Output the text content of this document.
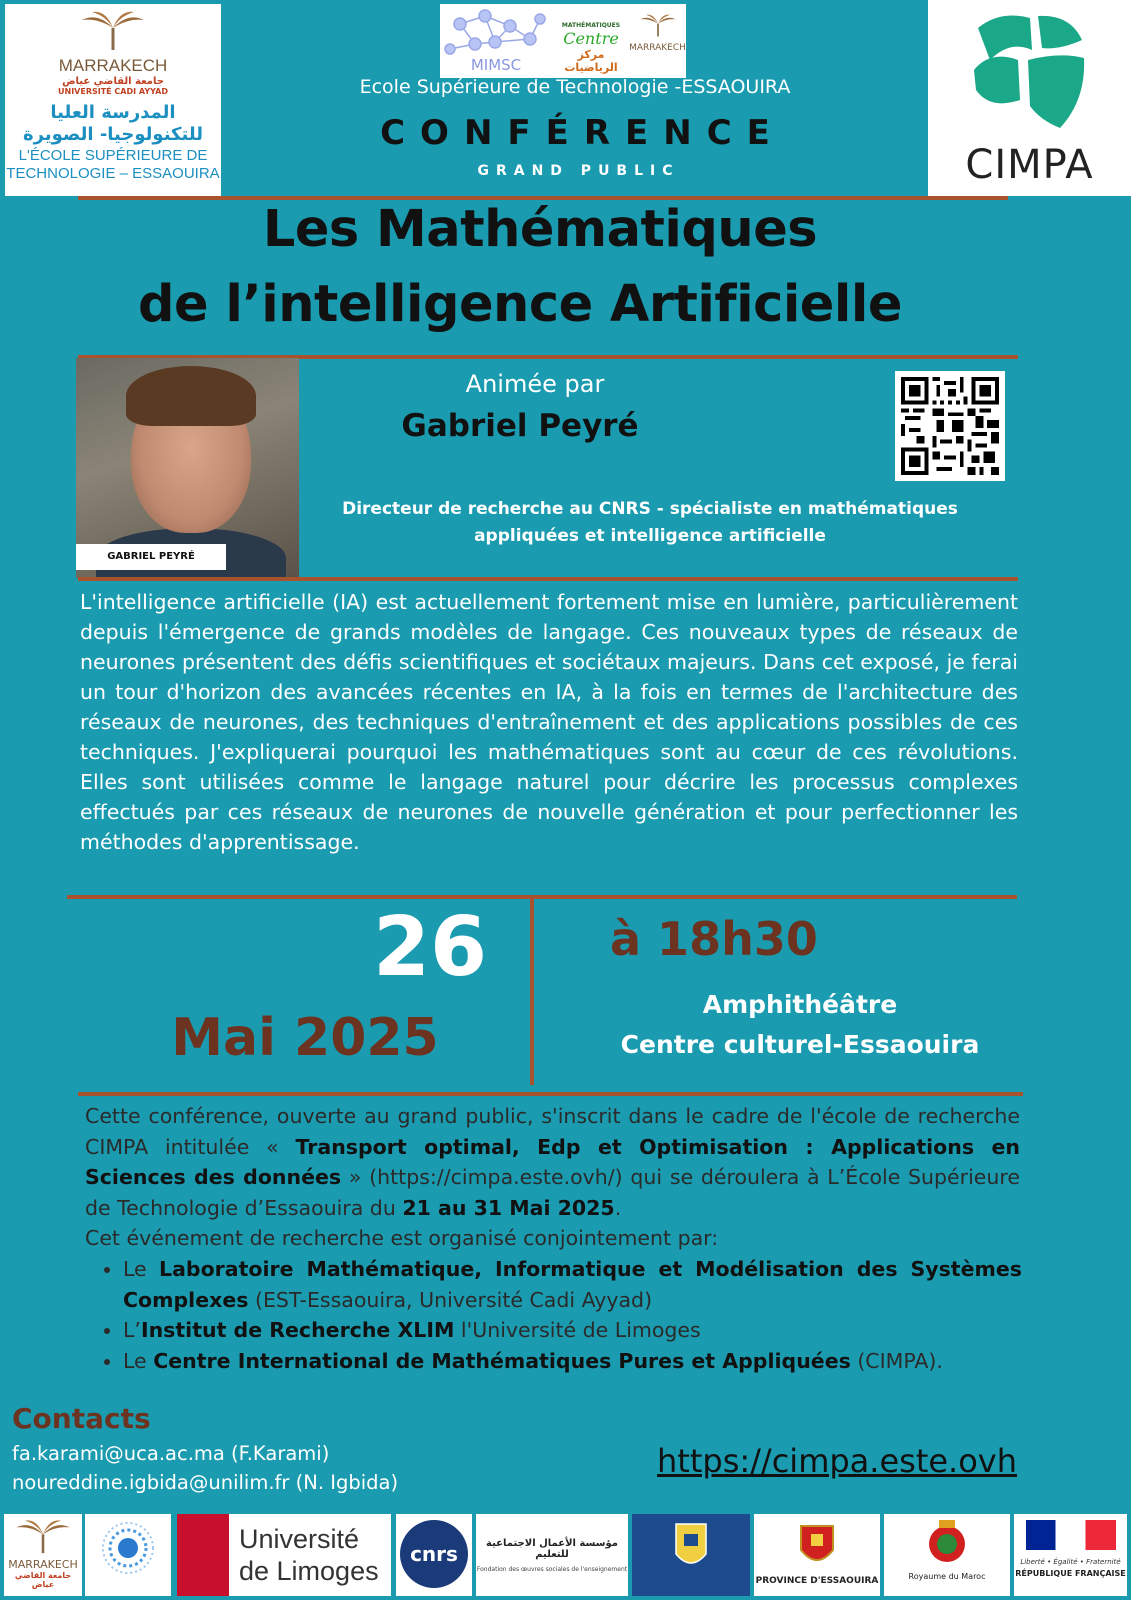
MARRAKECH
جامعة القاضي عياض
UNIVERSITÉ CADI AYYAD
المدرسة العليا للتكنولوجيا- الصويرة
L'ÉCOLE SUPÉRIEURE DE
TECHNOLOGIE – ESSAOUIRA
MIMSC
MATHÉMATIQUES
Centre
مركز الرياضيات
MARRAKECH
CIMPA
Ecole Supérieure de Technologie -ESSAOUIRA
CONFÉRENCE
GRAND PUBLIC
Les Mathématiques
de l’intelligence Artificielle
GABRIEL PEYRÉ
Animée par
Gabriel Peyré
Directeur de recherche au CNRS - spécialiste en mathématiques
appliquées et intelligence artificielle
L'intelligence artificielle (IA) est actuellement fortement mise en lumière, particulièrement depuis l'émergence de grands modèles de langage. Ces nouveaux types de réseaux de neurones présentent des défis scientifiques et sociétaux majeurs. Dans cet exposé, je ferai un tour d'horizon des avancées récentes en IA, à la fois en termes de l'architecture des réseaux de neurones, des techniques d'entraînement et des applications possibles de ces techniques. J'expliquerai pourquoi les mathématiques sont au cœur de ces révolutions. Elles sont utilisées comme le langage naturel pour décrire les processus complexes effectués par ces réseaux de neurones de nouvelle génération et pour perfectionner les méthodes d'apprentissage.
26
Mai 2025
à 18h30
Amphithéâtre
Centre culturel-Essaouira
Cette conférence, ouverte au grand public, s'inscrit dans le cadre de l'école de recherche CIMPA intitulée « Transport optimal, Edp et Optimisation : Applications en Sciences des données » (https://cimpa.este.ovh/) qui se déroulera à L’École Supérieure de Technologie d’Essaouira du 21 au 31 Mai 2025.
Cet événement de recherche est organisé conjointement par:
• Le Laboratoire Mathématique, Informatique et Modélisation des Systèmes Complexes (EST-Essaouira, Université Cadi Ayyad)
• L’Institut de Recherche XLIM l'Université de Limoges
• Le Centre International de Mathématiques Pures et Appliquées (CIMPA).
Contacts
fa.karami@uca.ac.ma (F.Karami)
noureddine.igbida@unilim.fr (N. Igbida)
https://cimpa.este.ovh
MARRAKECH
جامعة القاضي عياض
Université
de Limoges
cnrs	مؤسسة الأعمال الاجتماعية للتعليم
Fondation des œuvres sociales de l'enseignement
PROVINCE D'ESSAOUIRA	Royaume du Maroc
Liberté • Égalité • Fraternité
RÉPUBLIQUE FRANÇAISE
